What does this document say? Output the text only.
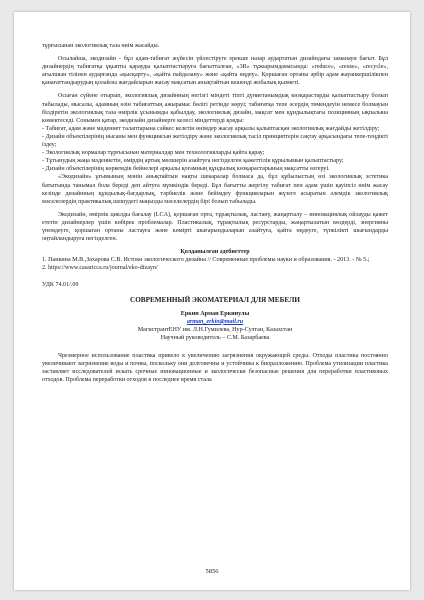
тұрғысынан экологиялық таза өнім жасайды.

Осылайша, экодизайн - бұл адам-табиғат жүйесін үйлестіруге ерекше назар аудартатын дизайндағы заманауи бағыт. Бұл дизайнердің табиғатқа ұқыпты қарауды қалыптастыруға бағытталған, «3R» тұжырымдамасында: «reduce», «reuse», «recycle», ағылшын тілінен аударғанда «қысқарту», «қайта пайдалану» және «қайта өңдеу». Қоршаған ортаны әрбір адам жауапкершілікпен қанағаттандырудың қолайлы жағдайларын жасау мақсатын анықтайтын кешенді жобалық қызметі.

Осыған сүйене отырып, экологиялық дизайнның негізгі міндеті тіпті дүниетанымдық көзқарастарды қалыптастыру болып табылады, мысалы, адамның өзін табиғаттың ажырамас бөлігі ретінде көруі; табиғатқа тепе әсердің төмендеуін немесе болмауын білдіретін экологиялық таза өмірлік ұсынымды қабылдау, экологиялық дизайн, мақсат мен құндылықтағы позицияның ықпалына көмектеседі. Сонымен қатар, экодизайн дизайнерге келесі міндеттерді қояды:

- Табиғат, адам және мәдениет талаптарына сәйкес келетін өнімдер жасау арқылы қалыптасқан экологиялық жағдайды жетілдіру;

- Дизайн объектілерінің нысаны мен функциясын жетілдіру және экологиялық тасіл принциптерін сақтау арқасындағы тепе-теңдікті іздеу;

- Экологиялық нормалар тұрғысынан материалдар мен технологияларды қайта қарау;

- Тұтынудың жаңа мәдениетін, өмірдің артық мөлшерін азайтуға негізделген қажеттілік құрылымын қалыптастыру;

- Дизайн объектілерінің көркемдік бейнелері арқылы қоғамның құндылық көзқарастарының мақсатты өзгеруі.

«Экодизайн» ұғымының мәнін анықтайтын нақты шекаралар болмаса да, бұл құбылыстың өзі экологиялық эстетика батытында танымал бола береді деп айтуға мүмкіндік береді. Бұл бағытты жергілу табиғат пен адам үшін қауіпсіз өнім жасау кезінде дизайнның құндылық-бағдарлық, тәрбиелік және бейімдеу функцияларын жүзеге асыратын әлемдік экологиялық мәселелердің практикалық шешудегі маңызды мәселелердің бірі болып табылады.

Экодизайн, өмірлік циклды бағалау (LCA), қоршаған орта, тұрақтылық, ластану, жаңартылу – инновациялық ойлауды қажет ететін дизайнерлер үшін көбірек проблемалар. Пластикалық, тұрақтылық ресурстарды, жаңартылатын көздерді, энергияны үнемдеуге, қоршаған ортаны ластауға және көмірті шығарындыларын азайтуға, қайта өңдеуге, түпкілікті шығындарды оңтайландыруға негізделген.

Қолданылған әдебиеттер

1. Панкина М.В.,Захарова С.В. Истоки экологического дизайна // Современные проблемы науки и образования. - 2013. - № 5.;

2. https://www.casaricca.ru/journal/eko-dizayn/

УДК 74.01/.09

СОВРЕМЕННЫЙ ЭКОМАТЕРИАЛ ДЛЯ МЕБЕЛИ

Еркин Арман Еркинулы

arman_erkin@mail.ru

МагистрантЕНУ им. Л.Н.Гумилева, Нур-Султан, Казахстан

Научный руководитель – С.М. Базарбаева

Чрезмерное использование пластика привело к увеличению загрязнения окружающей среды. Отходы пластика постоянно увеличивают загрязнение воды и почвы, поскольку они долговечны и устойчивы к биоразложению. Проблема утилизации пластика заставляет исследователей искать срочные инновационные и экологически безопасные решения для переработки пластиковых отходов. Проблема переработки отходов в последнее время стала

5856
